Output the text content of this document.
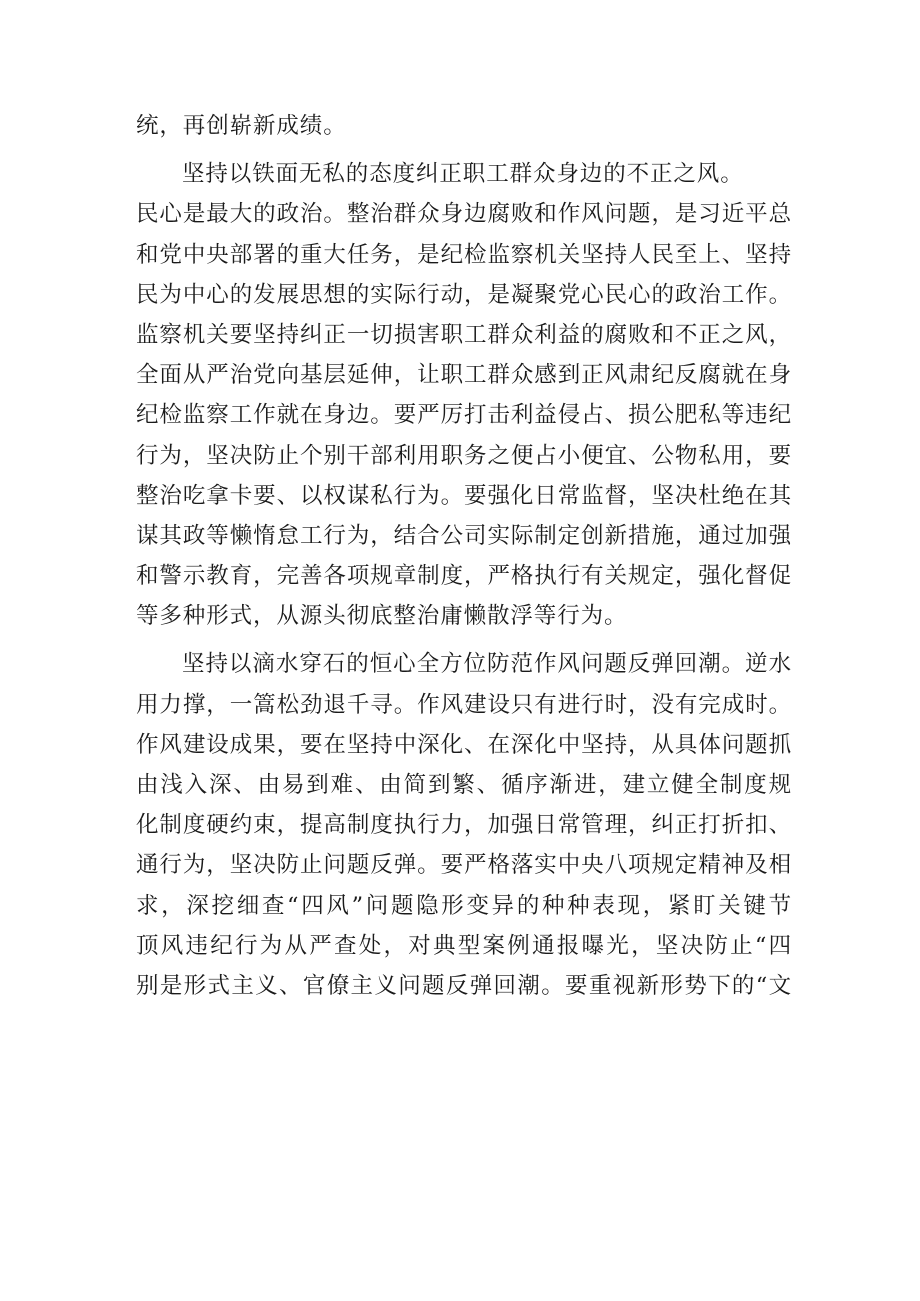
统，再创崭新成绩。
坚持以铁面无私的态度纠正职工群众身边的不正之风。
民心是最大的政治。整治群众身边腐败和作风问题，是习近平总
和党中央部署的重大任务，是纪检监察机关坚持人民至上、坚持
民为中心的发展思想的实际行动，是凝聚党心民心的政治工作。
监察机关要坚持纠正一切损害职工群众利益的腐败和不正之风，
全面从严治党向基层延伸，让职工群众感到正风肃纪反腐就在身
纪检监察工作就在身边。要严厉打击利益侵占、损公肥私等违纪
行为，坚决防止个别干部利用职务之便占小便宜、公物私用，要
整治吃拿卡要、以权谋私行为。要强化日常监督，坚决杜绝在其
谋其政等懒惰怠工行为，结合公司实际制定创新措施，通过加强
和警示教育，完善各项规章制度，严格执行有关规定，强化督促
等多种形式，从源头彻底整治庸懒散浮等行为。
坚持以滴水穿石的恒心全方位防范作风问题反弹回潮。逆水
用力撑，一篙松劲退千寻。作风建设只有进行时，没有完成时。
作风建设成果，要在坚持中深化、在深化中坚持，从具体问题抓
由浅入深、由易到难、由简到繁、循序渐进，建立健全制度规
化制度硬约束，提高制度执行力，加强日常管理，纠正打折扣、
通行为，坚决防止问题反弹。要严格落实中央八项规定精神及相
求，深挖细查“四风”问题隐形变异的种种表现，紧盯关键节
顶风违纪行为从严查处，对典型案例通报曝光，坚决防止“四
别是形式主义、官僚主义问题反弹回潮。要重视新形势下的“文
